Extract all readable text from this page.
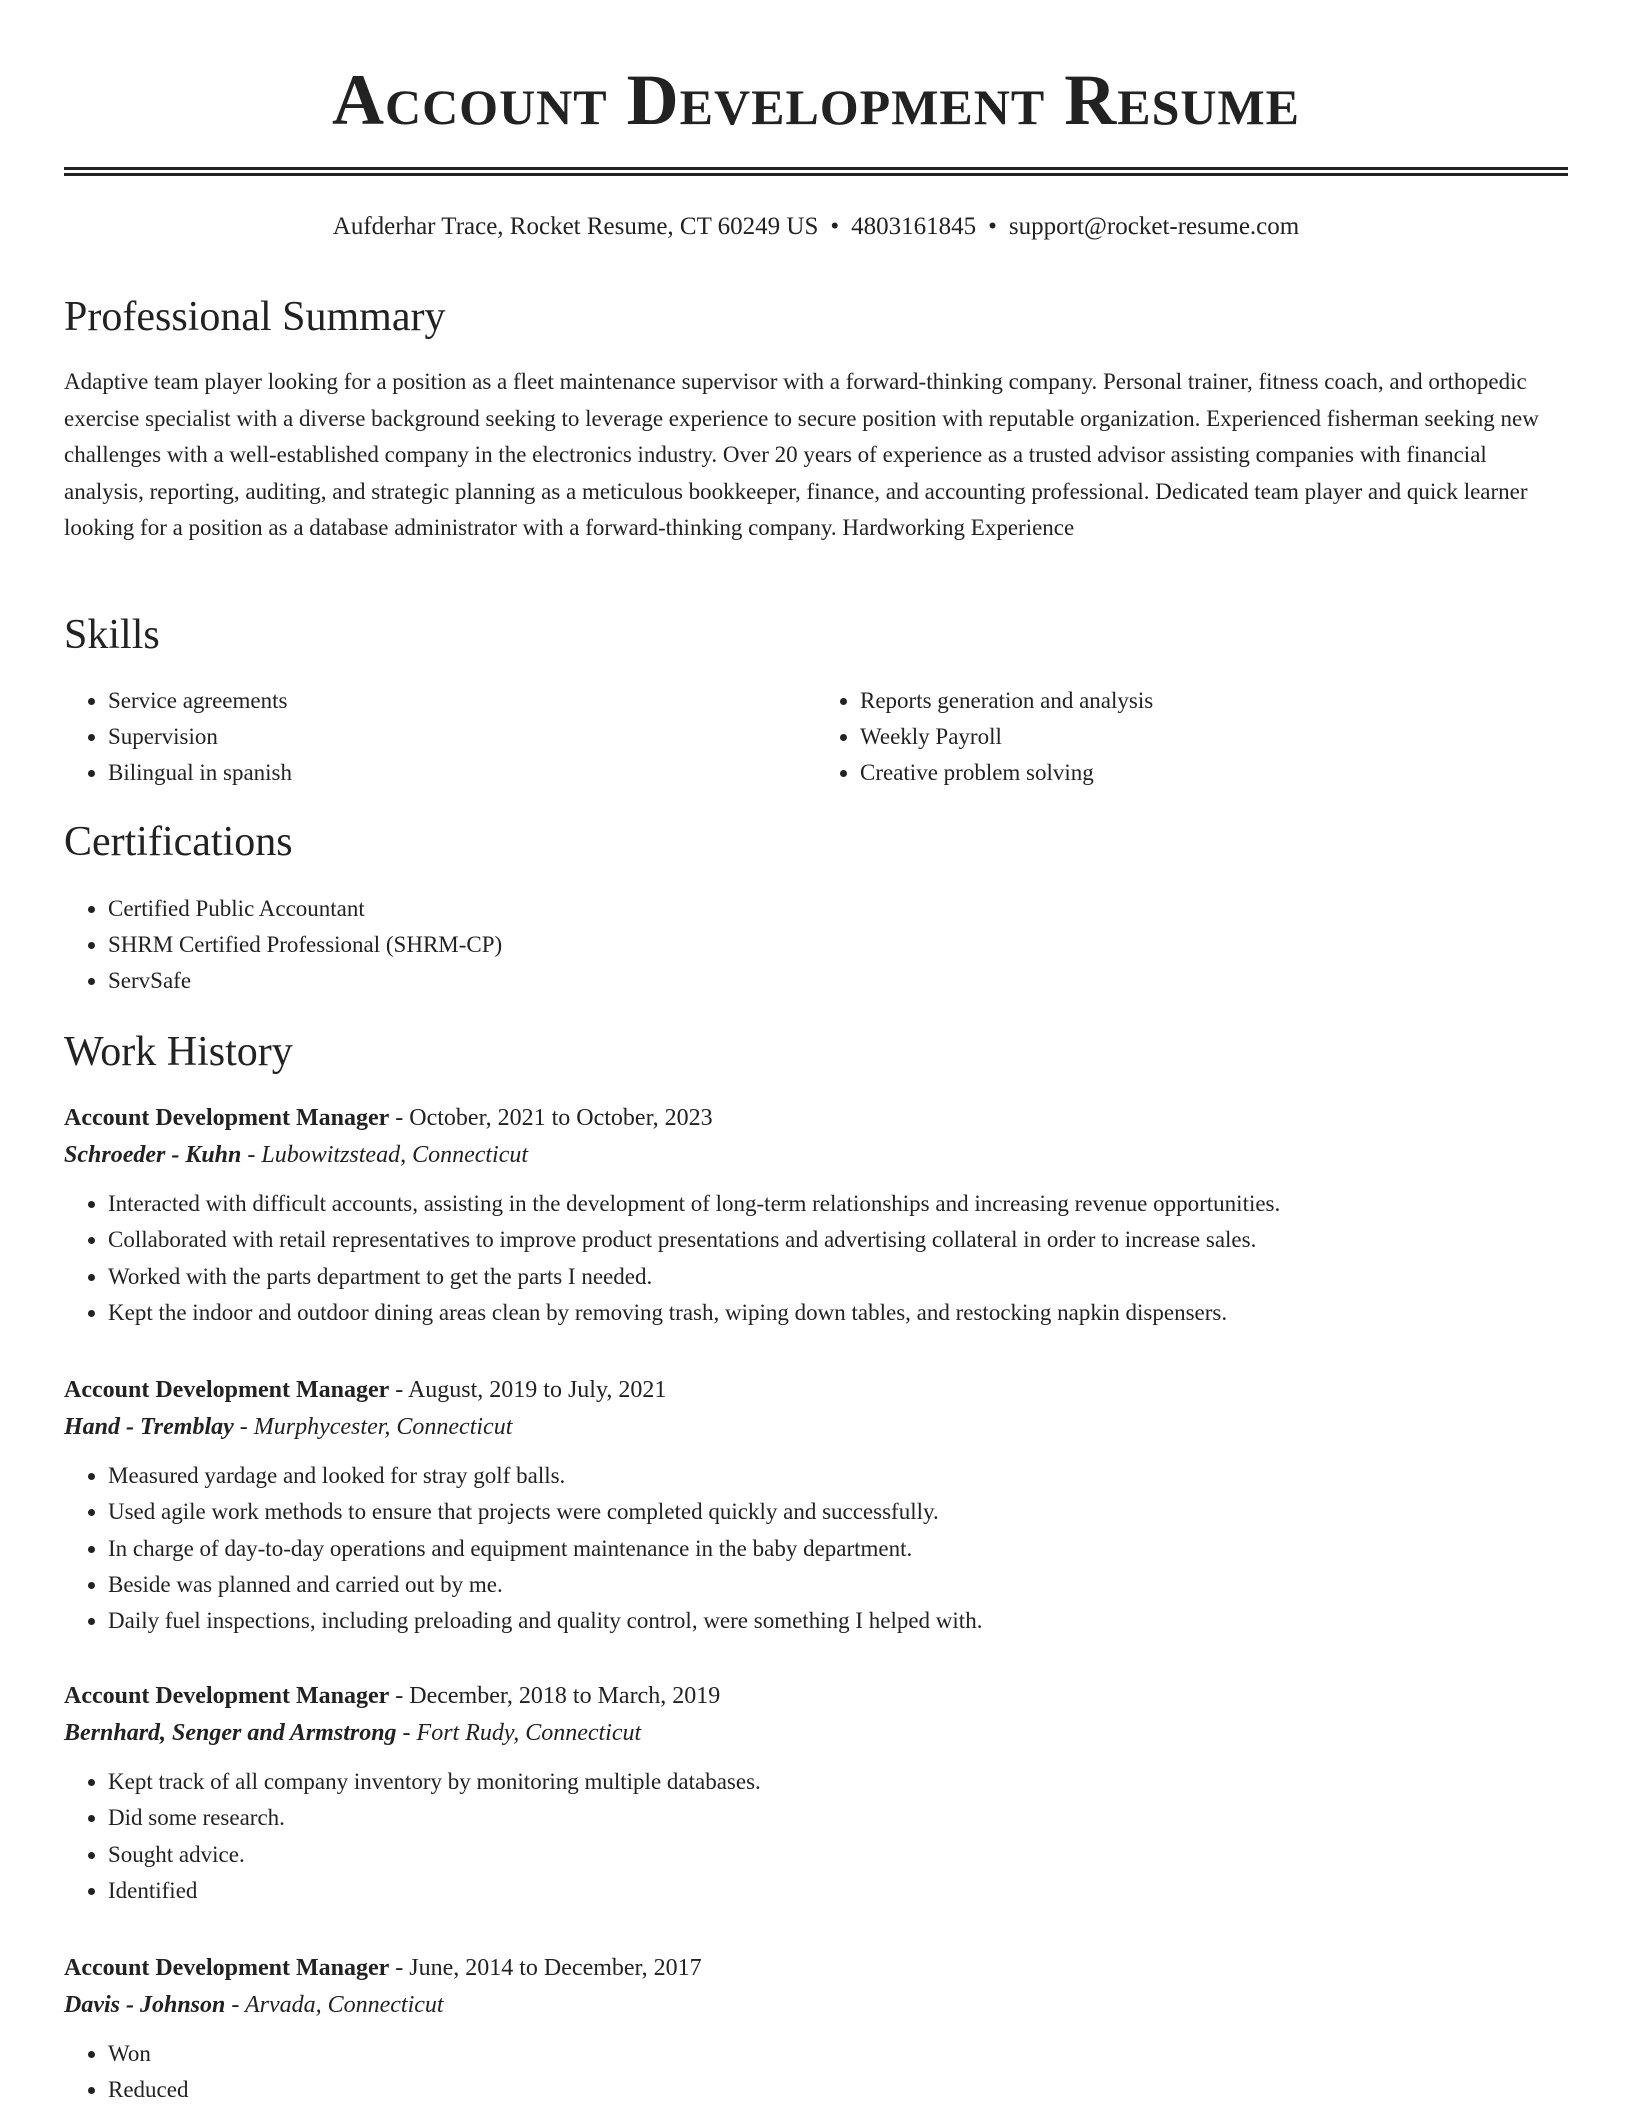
Account Development Resume
Aufderhar Trace, Rocket Resume, CT 60249 US • 4803161845 • support@rocket-resume.com
Professional Summary

Adaptive team player looking for a position as a fleet maintenance supervisor with a forward-thinking company. Personal trainer, fitness coach, and orthopedic exercise specialist with a diverse background seeking to leverage experience to secure position with reputable organization. Experienced fisherman seeking new challenges with a well-established company in the electronics industry. Over 20 years of experience as a trusted advisor assisting companies with financial analysis, reporting, auditing, and strategic planning as a meticulous bookkeeper, finance, and accounting professional. Dedicated team player and quick learner looking for a position as a database administrator with a forward-thinking company. Hardworking Experience

Skills
• Service agreements
• Supervision
• Bilingual in spanish
• Reports generation and analysis
• Weekly Payroll
• Creative problem solving
Certifications
• Certified Public Accountant
• SHRM Certified Professional (SHRM-CP)
• ServSafe
Work History
Account Development Manager - October, 2021 to October, 2023
Schroeder - Kuhn - Lubowitzstead, Connecticut
• Interacted with difficult accounts, assisting in the development of long-term relationships and increasing revenue opportunities.
• Collaborated with retail representatives to improve product presentations and advertising collateral in order to increase sales.
• Worked with the parts department to get the parts I needed.
• Kept the indoor and outdoor dining areas clean by removing trash, wiping down tables, and restocking napkin dispensers.
Account Development Manager - August, 2019 to July, 2021
Hand - Tremblay - Murphycester, Connecticut
• Measured yardage and looked for stray golf balls.
• Used agile work methods to ensure that projects were completed quickly and successfully.
• In charge of day-to-day operations and equipment maintenance in the baby department.
• Beside was planned and carried out by me.
• Daily fuel inspections, including preloading and quality control, were something I helped with.
Account Development Manager - December, 2018 to March, 2019
Bernhard, Senger and Armstrong - Fort Rudy, Connecticut
• Kept track of all company inventory by monitoring multiple databases.
• Did some research.
• Sought advice.
• Identified
Account Development Manager - June, 2014 to December, 2017
Davis - Johnson - Arvada, Connecticut
• Won
• Reduced
